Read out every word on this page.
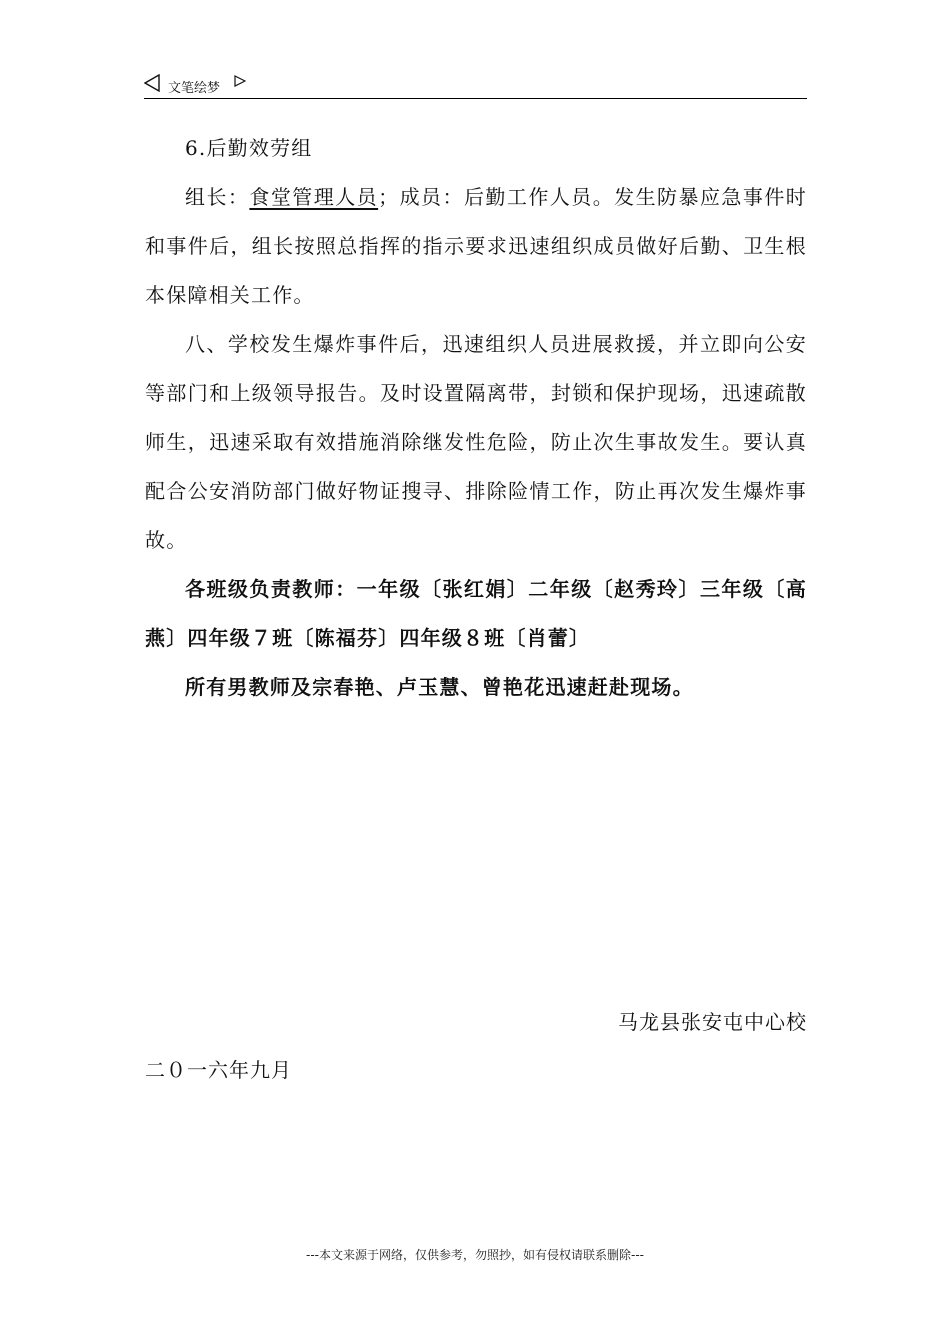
文笔绘梦

6.后勤效劳组

组长：食堂管理人员；成员：后勤工作人员。发生防暴应急事件时和事件后，组长按照总指挥的指示要求迅速组织成员做好后勤、卫生根本保障相关工作。

八、学校发生爆炸事件后，迅速组织人员进展救援，并立即向公安等部门和上级领导报告。及时设置隔离带，封锁和保护现场，迅速疏散师生，迅速采取有效措施消除继发性危险，防止次生事故发生。要认真配合公安消防部门做好物证搜寻、排除险情工作，防止再次发生爆炸事故。

各班级负责教师：一年级〔张红娟〕二年级〔赵秀玲〕三年级〔高燕〕四年级７班〔陈福芬〕四年级８班〔肖蕾〕

所有男教师及宗春艳、卢玉慧、曾艳花迅速赶赴现场。

马龙县张安屯中心校
二０一六年九月
---本文来源于网络，仅供参考，勿照抄，如有侵权请联系删除---
